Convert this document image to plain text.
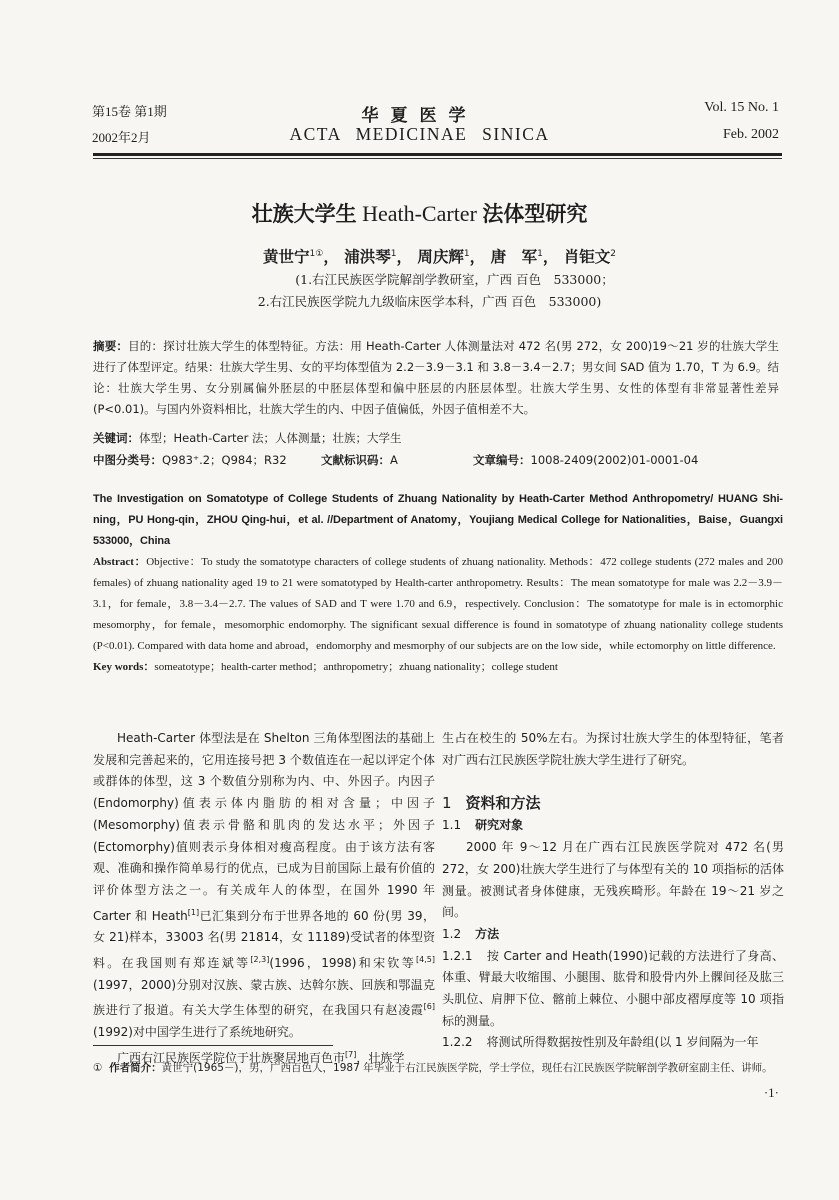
第15卷 第1期
2002年2月
华夏医学
ACTA MEDICINAE SINICA
Vol. 15 No. 1
Feb. 2002
壮族大学生 Heath-Carter 法体型研究
黄世宁$^{1①}$， 浦洪琴$^1$， 周庆辉$^1$， 唐　军$^1$， 肖钜文$^2$
(1.右江民族医学院解剖学教研室，广西 百色　533000；
2.右江民族医学院九九级临床医学本科，广西 百色　533000)
摘要：目的：探讨壮族大学生的体型特征。方法：用 Heath-Carter 人体测量法对 472 名(男 272，女 200)19～21 岁的壮族大学生进行了体型评定。结果：壮族大学生男、女的平均体型值为 2.2－3.9－3.1 和 3.8－3.4－2.7；男女间 SAD 值为 1.70，T 为 6.9。结论：壮族大学生男、女分别属偏外胚层的中胚层体型和偏中胚层的内胚层体型。壮族大学生男、女性的体型有非常显著性差异(P<0.01)。与国内外资料相比，壮族大学生的内、中因子值偏低，外因子值相差不大。
关键词：体型；Heath-Carter 法；人体测量；壮族；大学生
中图分类号：Q983⁺.2；Q984；R32	文献标识码：A	文章编号：1008-2409(2002)01-0001-04
The Investigation on Somatotype of College Students of Zhuang Nationality by Heath-Carter Method Anthropometry/ HUANG Shi-ning，PU Hong-qin，ZHOU Qing-hui，et al. //Department of Anatomy，Youjiang Medical College for Nationalities，Baise，Guangxi 533000，China
Abstract：Objective：To study the somatotype characters of college students of zhuang nationality. Methods：472 college students (272 males and 200 females) of zhuang nationality aged 19 to 21 were somatotyped by Health-carter anthropometry. Results：The mean somatotype for male was 2.2－3.9－3.1，for female，3.8－3.4－2.7. The values of SAD and T were 1.70 and 6.9，respectively. Conclusion：The somatotype for male is in ectomorphic mesomorphy，for female，mesomorphic endomorphy. The significant sexual difference is found in somatotype of zhuang nationality college students (P<0.01). Compared with data home and abroad，endomorphy and mesmorphy of our subjects are on the low side，while ectomorphy on little difference.
Key words：someatotype；health-carter method；anthropometry；zhuang nationality；college student

Heath-Carter 体型法是在 Shelton 三角体型图法的基础上发展和完善起来的，它用连接号把 3 个数值连在一起以评定个体或群体的体型，这 3 个数值分别称为内、中、外因子。内因子(Endomorphy)值表示体内脂肪的相对含量；中因子(Mesomorphy)值表示骨骼和肌肉的发达水平；外因子(Ectomorphy)值则表示身体相对瘦高程度。由于该方法有客观、准确和操作简单易行的优点，已成为目前国际上最有价值的评价体型方法之一。有关成年人的体型，在国外 1990 年 Carter 和 Heath[1]已汇集到分布于世界各地的 60 份(男 39，女 21)样本，33003 名(男 21814，女 11189)受试者的体型资料。在我国则有郑连斌等[2,3](1996，1998)和宋钦等[4,5](1997，2000)分别对汉族、蒙古族、达斡尔族、回族和鄂温克族进行了报道。有关大学生体型的研究，在我国只有赵凌霞[6](1992)对中国学生进行了系统地研究。

广西右江民族医学院位于壮族聚居地百色市[7]，壮族学

生占在校生的 50%左右。为探讨壮族大学生的体型特征，笔者对广西右江民族医学院壮族大学生进行了研究。

1 资料和方法
1.1 研究对象

2000 年 9～12 月在广西右江民族医学院对 472 名(男 272，女 200)壮族大学生进行了与体型有关的 10 项指标的活体测量。被测试者身体健康，无残疾畸形。年龄在 19～21 岁之间。

1.2 方法

1.2.1 按 Carter and Heath(1990)记载的方法进行了身高、体重、臂最大收缩围、小腿围、肱骨和股骨内外上髁间径及肱三头肌位、肩胛下位、髂前上棘位、小腿中部皮褶厚度等 10 项指标的测量。

1.2.2 将测试所得数据按性别及年龄组(以 1 岁间隔为一年

① 作者简介：黄世宁(1965－)，男，广西百色人，1987 年毕业于右江民族医学院，学士学位，现任右江民族医学院解剖学教研室副主任、讲师。
·1·
